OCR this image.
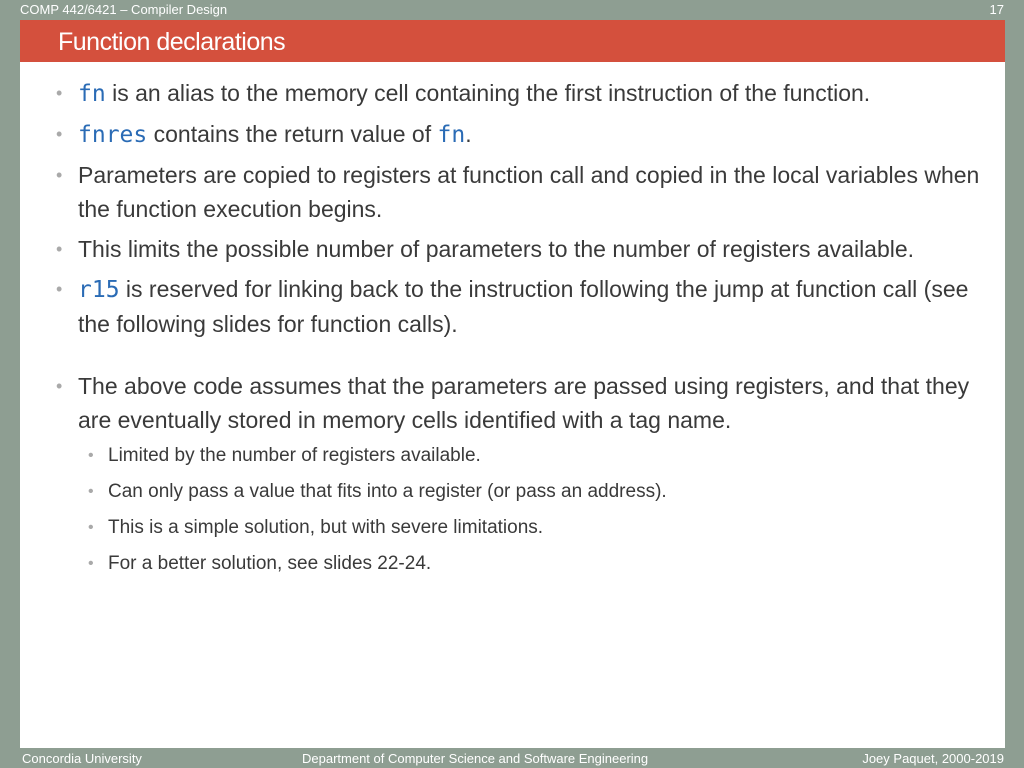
COMP 442/6421 – Compiler Design	17
Function declarations
• fn is an alias to the memory cell containing the first instruction of the function.
• fnres contains the return value of fn.
• Parameters are copied to registers at function call and copied in the local variables when the function execution begins.
• This limits the possible number of parameters to the number of registers available.
• r15 is reserved for linking back to the instruction following the jump at function call (see the following slides for function calls).
• The above code assumes that the parameters are passed using registers, and that they are eventually stored in memory cells identified with a tag name.
• Limited by the number of registers available.
• Can only pass a value that fits into a register (or pass an address).
• This is a simple solution, but with severe limitations.
• For a better solution, see slides 22-24.
Concordia University	Department of Computer Science and Software Engineering	Joey Paquet, 2000-2019
